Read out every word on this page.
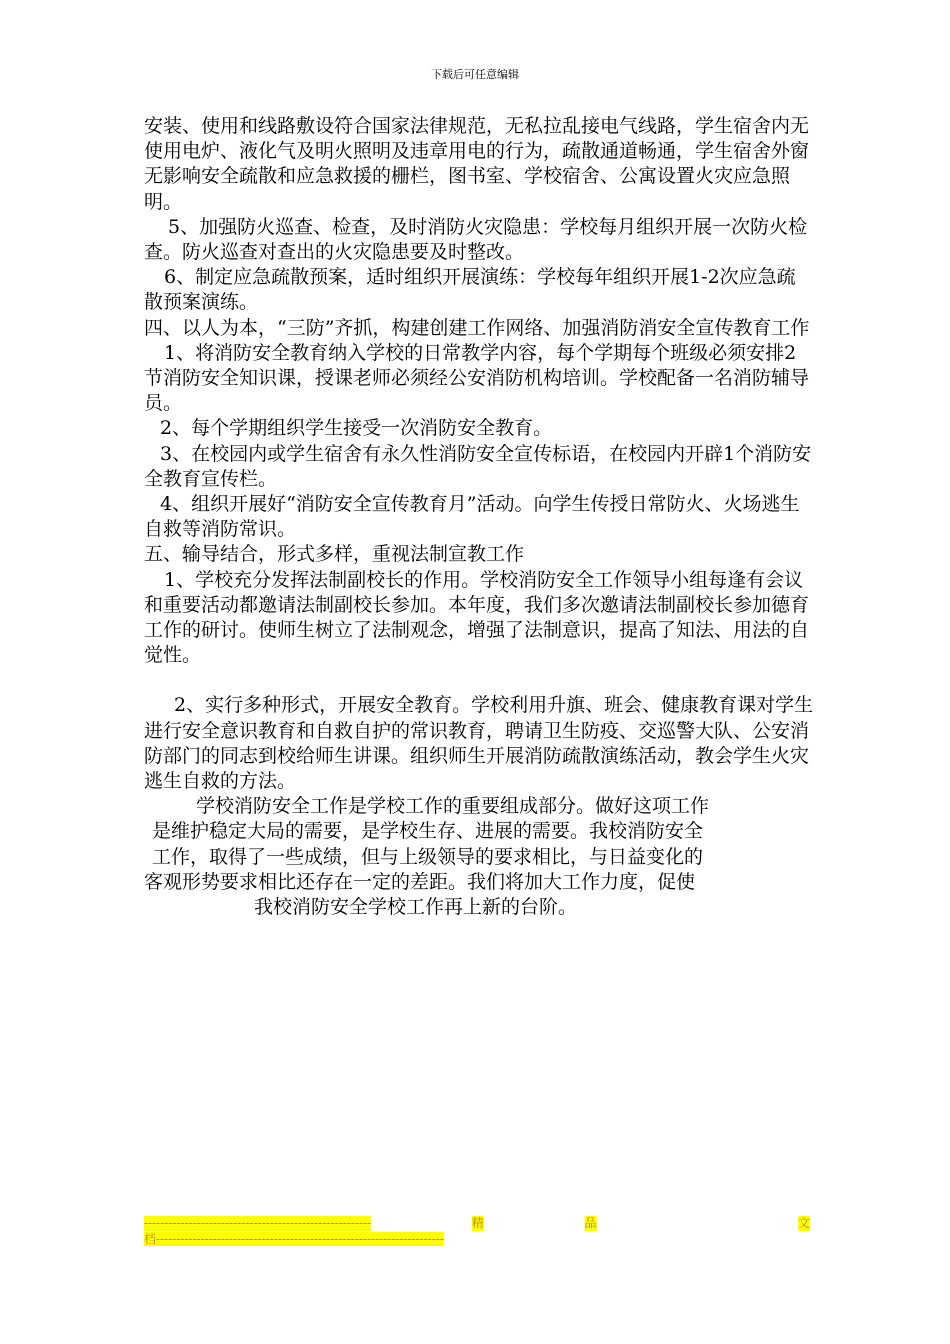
下载后可任意编辑

安装、使用和线路敷设符合国家法律规范，无私拉乱接电气线路，学生宿舍内无使用电炉、液化气及明火照明及违章用电的行为，疏散通道畅通，学生宿舍外窗无影响安全疏散和应急救援的栅栏，图书室、学校宿舍、公寓设置火灾应急照明。

5、加强防火巡查、检查，及时消防火灾隐患：学校每月组织开展一次防火检查。防火巡查对查出的火灾隐患要及时整改。

6、制定应急疏散预案，适时组织开展演练：学校每年组织开展1-2次应急疏散预案演练。

四、以人为本，“三防”齐抓，构建创建工作网络、加强消防消安全宣传教育工作

1、将消防安全教育纳入学校的日常教学内容，每个学期每个班级必须安排2节消防安全知识课，授课老师必须经公安消防机构培训。学校配备一名消防辅导员。

2、每个学期组织学生接受一次消防安全教育。

3、在校园内或学生宿舍有永久性消防安全宣传标语，在校园内开辟1个消防安全教育宣传栏。

4、组织开展好“消防安全宣传教育月”活动。向学生传授日常防火、火场逃生自救等消防常识。

五、输导结合，形式多样，重视法制宣教工作

1、学校充分发挥法制副校长的作用。学校消防安全工作领导小组每逢有会议和重要活动都邀请法制副校长参加。本年度，我们多次邀请法制副校长参加德育工作的研讨。使师生树立了法制观念，增强了法制意识，提高了知法、用法的自觉性。

2、实行多种形式，开展安全教育。学校利用升旗、班会、健康教育课对学生进行安全意识教育和自救自护的常识教育，聘请卫生防疫、交巡警大队、公安消防部门的同志到校给师生讲课。组织师生开展消防疏散演练活动，教会学生火灾逃生自救的方法。

学校消防安全工作是学校工作的重要组成部分。做好这项工作

是维护稳定大局的需要，是学校生存、进展的需要。我校消防安全

工作，取得了一些成绩，但与上级领导的要求相比，与日益变化的

客观形势要求相比还存在一定的差距。我们将加大工作力度，促使

我校消防安全学校工作再上新的台阶。

--------------------------------------------------------	精	品	文
档-----------------------------------------------------------------------
